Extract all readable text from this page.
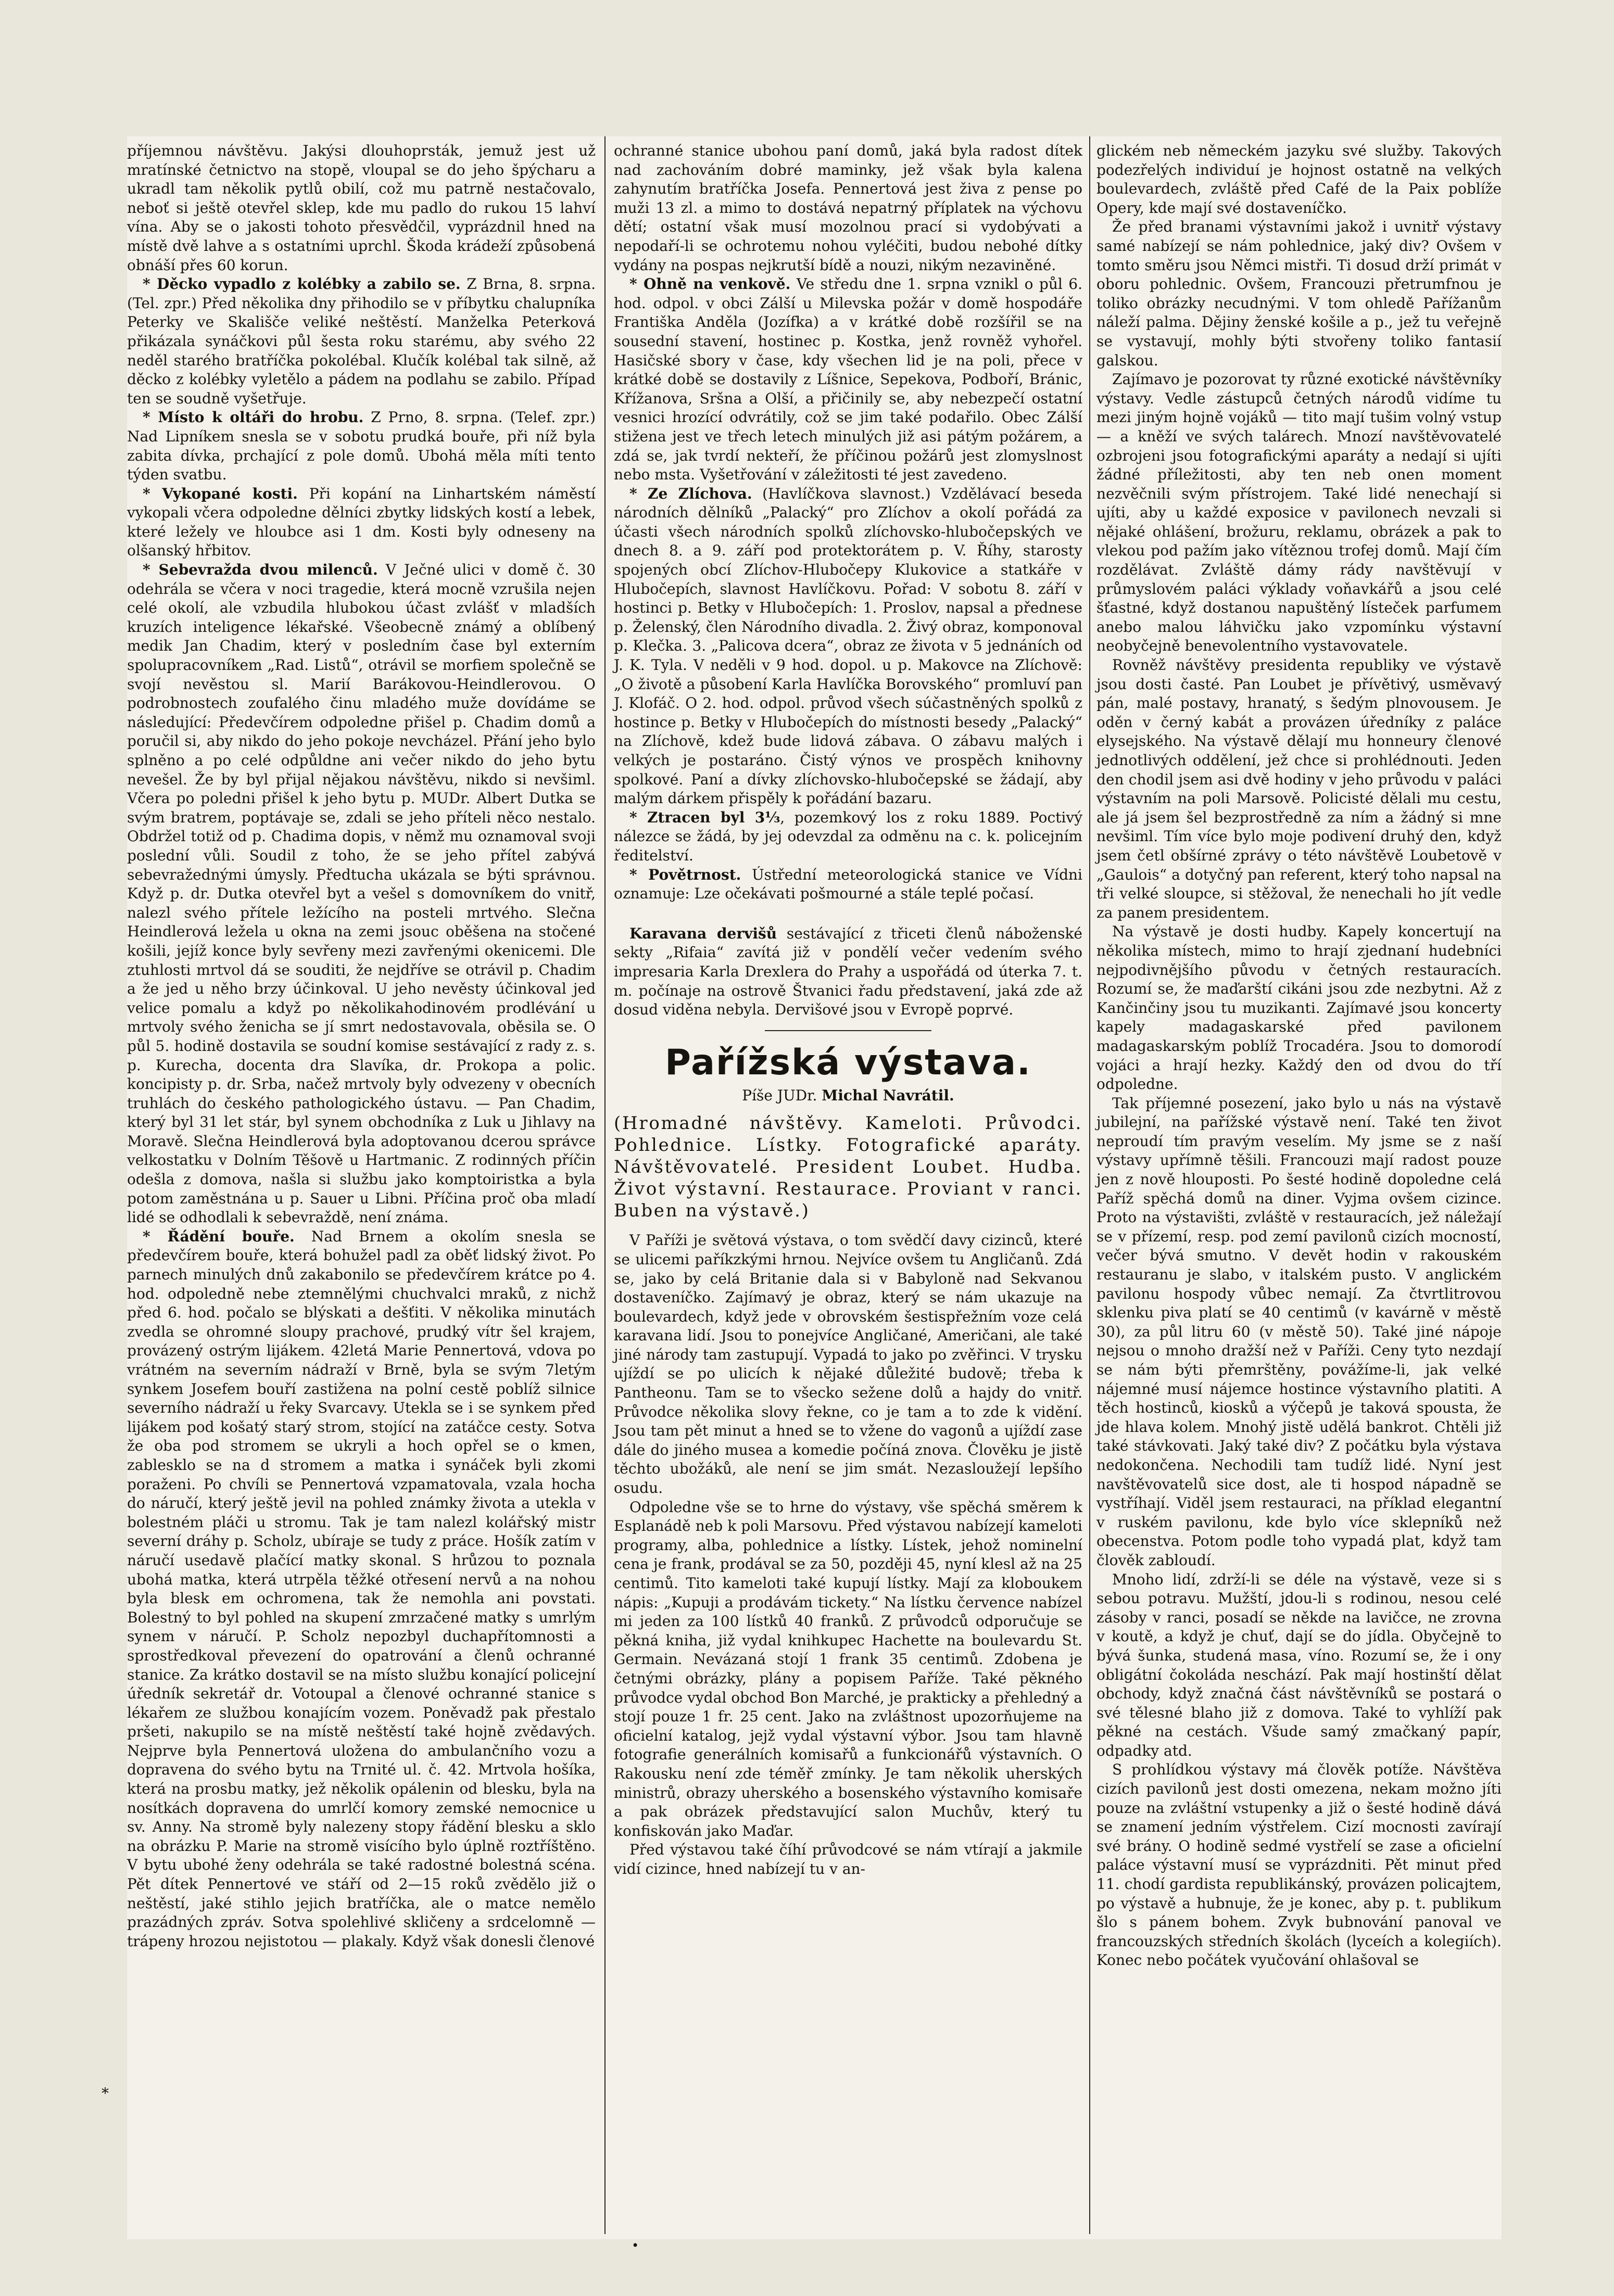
příjemnou návštěvu. Jakýsi dlouhoprsták, jemuž jest už mratínské četnictvo na stopě, vloupal se do jeho špýcharu a ukradl tam několik pytlů obilí, což mu patrně nestačovalo, neboť si ještě otevřel sklep, kde mu padlo do rukou 15 lahví vína. Aby se o jakosti tohoto přesvědčil, vyprázdnil hned na místě dvě lahve a s ostatními uprchl. Škoda krádeží způsobená obnáší přes 60 korun.

* Děcko vypadlo z kolébky a zabilo se. Z Brna, 8. srpna. (Tel. zpr.) Před několika dny přihodilo se v příbytku chalupníka Peterky ve Skališče veliké neštěstí. Manželka Peterková přikázala synáčkovi půl šesta roku starému, aby svého 22 neděl starého bratříčka pokolébal. Klučík kolébal tak silně, až děcko z kolébky vyletělo a pádem na podlahu se zabilo. Případ ten se soudně vyšetřuje.

* Místo k oltáři do hrobu. Z Prno, 8. srpna. (Telef. zpr.) Nad Lipníkem snesla se v sobotu prudká bouře, při níž byla zabita dívka, prchající z pole domů. Ubohá měla míti tento týden svatbu.

* Vykopané kosti. Při kopání na Linhartském náměstí vykopali včera odpoledne dělníci zbytky lidských kostí a lebek, které ležely ve hloubce asi 1 dm. Kosti byly odneseny na olšanský hřbitov.

* Sebevražda dvou milenců. V Ječné ulici v domě č. 30 odehrála se včera v noci tragedie, která mocně vzrušila nejen celé okolí, ale vzbudila hlubokou účast zvlášť v mladších kruzích inteligence lékařské. Všeobecně známý a oblíbený medik Jan Chadim, který v posledním čase byl externím spolupracovníkem „Rad. Listů“, otrávil se morfiem společně se svojí nevěstou sl. Marií Barákovou-Heindlerovou. O podrobnostech zoufalého činu mladého muže dovídáme se následující: Předevčírem odpoledne přišel p. Chadim domů a poručil si, aby nikdo do jeho pokoje nevcházel. Přání jeho bylo splněno a po celé odpůldne ani večer nikdo do jeho bytu nevešel. Že by byl přijal nějakou návštěvu, nikdo si nevšiml. Včera po poledni přišel k jeho bytu p. MUDr. Albert Dutka se svým bratrem, poptávaje se, zdali se jeho příteli něco nestalo. Obdržel totiž od p. Chadima dopis, v němž mu oznamoval svoji poslední vůli. Soudil z toho, že se jeho přítel zabývá sebevražednými úmysly. Předtucha ukázala se býti správnou. Když p. dr. Dutka otevřel byt a vešel s domovníkem do vnitř, nalezl svého přítele ležícího na posteli mrtvého. Slečna Heindlerová ležela u okna na zemi jsouc oběšena na stočené košili, jejíž konce byly sevřeny mezi zavřenými okenicemi. Dle ztuhlosti mrtvol dá se souditi, že nejdříve se otrávil p. Chadim a že jed u něho brzy účinkoval. U jeho nevěsty účinkoval jed velice pomalu a když po několikahodinovém prodlévání u mrtvoly svého ženicha se jí smrt nedostavovala, oběsila se. O půl 5. hodině dostavila se soudní komise sestávající z rady z. s. p. Kurecha, docenta dra Slavíka, dr. Prokopa a polic. koncipisty p. dr. Srba, načež mrtvoly byly odvezeny v obecních truhlách do českého pathologického ústavu. — Pan Chadim, který byl 31 let stár, byl synem obchodníka z Luk u Jihlavy na Moravě. Slečna Heindlerová byla adoptovanou dcerou správce velkostatku v Dolním Těšově u Hartmanic. Z rodinných příčin odešla z domova, našla si službu jako komptoiristka a byla potom zaměstnána u p. Sauer u Libni. Příčina proč oba mladí lidé se odhodlali k sebevraždě, není známa.

* Řádění bouře. Nad Brnem a okolím snesla se předevčírem bouře, která bohužel padl za oběť lidský život. Po parnech minulých dnů zakabonilo se předevčírem krátce po 4. hod. odpoledně nebe ztemnělými chuchvalci mraků, z nichž před 6. hod. počalo se blýskati a dešťiti. V několika minutách zvedla se ohromné sloupy prachové, prudký vítr šel krajem, provázený ostrým lijákem. 42letá Marie Pennertová, vdova po vrátném na severním nádraží v Brně, byla se svým 7letým synkem Josefem bouří zastižena na polní cestě poblíž silnice severního nádraží u řeky Svarcavy. Utekla se i se synkem před lijákem pod košatý starý strom, stojící na zatáčce cesty. Sotva že oba pod stromem se ukryli a hoch opřel se o kmen, zablesklo se na d stromem a matka i synáček byli zkomi poraženi. Po chvíli se Pennertová vzpamatovala, vzala hocha do náručí, který ještě jevil na pohled známky života a utekla v bolestném pláči u stromu. Tak je tam nalezl kolářský mistr severní dráhy p. Scholz, ubíraje se tudy z práce. Hošík zatím v náručí usedavě plačící matky skonal. S hrůzou to poznala ubohá matka, která utrpěla těžké otřesení nervů a na nohou byla blesk em ochromena, tak že nemohla ani povstati. Bolestný to byl pohled na skupení zmrzačené matky s umrlým synem v náručí. P. Scholz nepozbyl duchapřítomnosti a sprostředkoval převezení do opatrování a členů ochranné stanice. Za krátko dostavil se na místo službu konající policejní úředník sekretář dr. Votoupal a členové ochranné stanice s lékařem ze službou konajícím vozem. Poněvadž pak přestalo pršeti, nakupilo se na místě neštěstí také hojně zvědavých. Nejprve byla Pennertová uložena do ambulančního vozu a dopravena do svého bytu na Trnité ul. č. 42. Mrtvola hošíka, která na prosbu matky, jež několik opálenin od blesku, byla na nosítkách dopravena do umrlčí komory zemské nemocnice u sv. Anny. Na stromě byly nalezeny stopy řádění blesku a sklo na obrázku P. Marie na stromě visícího bylo úplně roztříštěno. V bytu ubohé ženy odehrála se také radostné bolestná scéna. Pět dítek Pennertové ve stáří od 2—15 roků zvědělo již o neštěstí, jaké stihlo jejich bratříčka, ale o matce nemělo prazádných zpráv. Sotva spolehlivé skličeny a srdcelomně — trápeny hrozou nejistotou — plakaly. Když však donesli členové

ochranné stanice ubohou paní domů, jaká byla radost dítek nad zachováním dobré maminky, jež však byla kalena zahynutím bratříčka Josefa. Pennertová jest živa z pense po muži 13 zl. a mimo to dostává nepatrný příplatek na výchovu dětí; ostatní však musí mozolnou prací si vydobývati a nepodaří-li se ochrotemu nohou vyléčiti, budou nebohé dítky vydány na pospas nejkrutší bídě a nouzi, nikým nezaviněné.

* Ohně na venkově. Ve středu dne 1. srpna vznikl o půl 6. hod. odpol. v obci Zálší u Milevska požár v domě hospodáře Františka Anděla (Jozífka) a v krátké době rozšířil se na sousední stavení, hostinec p. Kostka, jenž rovněž vyhořel. Hasičské sbory v čase, kdy všechen lid je na poli, přece v krátké době se dostavily z Líšnice, Sepekova, Podboří, Bránic, Křížanova, Sršna a Olší, a přičinily se, aby nebezpečí ostatní vesnici hrozící odvrátily, což se jim také podařilo. Obec Zálší stižena jest ve třech letech minulých již asi pátým požárem, a zdá se, jak tvrdí nekteří, že příčinou požárů jest zlomyslnost nebo msta. Vyšetřování v záležitosti té jest zavedeno.

* Ze Zlíchova. (Havlíčkova slavnost.) Vzdělávací beseda národních dělníků „Palacký“ pro Zlíchov a okolí pořádá za účasti všech národních spolků zlíchovsko-hlubočepských ve dnech 8. a 9. září pod protektorátem p. V. Říhy, starosty spojených obcí Zlíchov-Hlubočepy Klukovice a statkáře v Hlubočepích, slavnost Havlíčkovu. Pořad: V sobotu 8. září v hostinci p. Betky v Hlubočepích: 1. Proslov, napsal a přednese p. Želenský, člen Národního divadla. 2. Živý obraz, komponoval p. Klečka. 3. „Palicova dcera“, obraz ze života v 5 jednáních od J. K. Tyla. V neděli v 9 hod. dopol. u p. Makovce na Zlíchově: „O životě a působení Karla Havlíčka Borovského“ promluví pan J. Klofáč. O 2. hod. odpol. průvod všech súčastněných spolků z hostince p. Betky v Hlubočepích do místnosti besedy „Palacký“ na Zlíchově, kdež bude lidová zábava. O zábavu malých i velkých je postaráno. Čistý výnos ve prospěch knihovny spolkové. Paní a dívky zlíchovsko-hlubočepské se žádají, aby malým dárkem přispěly k pořádání bazaru.

* Ztracen byl 3⅓, pozemkový los z roku 1889. Poctivý nálezce se žádá, by jej odevzdal za odměnu na c. k. policejním ředitelství.

* Povětrnost. Ústřední meteorologická stanice ve Vídni oznamuje: Lze očekávati pošmourné a stále teplé počasí.

Karavana dervišů sestávající z třiceti členů náboženské sekty „Rifaia“ zavítá již v pondělí večer vedením svého impresaria Karla Drexlera do Prahy a uspořádá od úterka 7. t. m. počínaje na ostrově Štvanici řadu představení, jaká zde až dosud viděna nebyla. Dervišové jsou v Evropě poprvé.

Pařížská výstava.
Píše JUDr. Michal Navrátil.

(Hromadné návštěvy. Kameloti. Průvodci. Pohlednice. Lístky. Fotografické aparáty. Návštěvovatelé. President Loubet. Hudba. Život výstavní. Restaurace. Proviant v ranci. Buben na výstavě.)

V Paříži je světová výstava, o tom svědčí davy cizinců, které se ulicemi paříkzkými hrnou. Nejvíce ovšem tu Angličanů. Zdá se, jako by celá Britanie dala si v Babyloně nad Sekvanou dostaveníčko. Zajímavý je obraz, který se nám ukazuje na boulevardech, když jede v obrovském šestispřežním voze celá karavana lidí. Jsou to ponejvíce Angličané, Američani, ale také jiné národy tam zastupují. Vypadá to jako po zvěřinci. V trysku ujíždí se po ulicích k nějaké důležité budově; třeba k Pantheonu. Tam se to všecko sežene dolů a hajdy do vnitř. Průvodce několika slovy řekne, co je tam a to zde k vidění. Jsou tam pět minut a hned se to vžene do vagonů a ujíždí zase dále do jiného musea a komedie počíná znova. Člověku je jistě těchto ubožáků, ale není se jim smát. Nezasloužejí lepšího osudu.

Odpoledne vše se to hrne do výstavy, vše spěchá směrem k Esplanádě neb k poli Marsovu. Před výstavou nabízejí kameloti programy, alba, pohlednice a lístky. Lístek, jehož nominelní cena je frank, prodával se za 50, později 45, nyní klesl až na 25 centimů. Tito kameloti také kupují lístky. Mají za kloboukem nápis: „Kupuji a prodávám tickety.“ Na lístku července nabízel mi jeden za 100 lístků 40 franků. Z průvodců odporučuje se pěkná kniha, již vydal knihkupec Hachette na boulevardu St. Germain. Nevázaná stojí 1 frank 35 centimů. Zdobena je četnými obrázky, plány a popisem Paříže. Také pěkného průvodce vydal obchod Bon Marché, je prakticky a přehledný a stojí pouze 1 fr. 25 cent. Jako na zvláštnost upozorňujeme na oficielní katalog, jejž vydal výstavní výbor. Jsou tam hlavně fotografie generálních komisařů a funkcionářů výstavních. O Rakousku není zde téměř zmínky. Je tam několik uherských ministrů, obrazy uherského a bosenského výstavního komisaře a pak obrázek představující salon Muchův, který tu konfiskován jako Maďar.

Před výstavou také číhí průvodcové se nám vtírají a jakmile vidí cizince, hned nabízejí tu v an-

glickém neb německém jazyku své služby. Takových podezřelých individuí je hojnost ostatně na velkých boulevardech, zvláště před Café de la Paix poblíže Opery, kde mají své dostaveníčko.

Že před branami výstavními jakož i uvnitř výstavy samé nabízejí se nám pohlednice, jaký div? Ovšem v tomto směru jsou Němci mistři. Ti dosud drží primát v oboru pohlednic. Ovšem, Francouzi přetrumfnou je toliko obrázky necudnými. V tom ohledě Pařížanům náleží palma. Dějiny ženské košile a p., jež tu veřejně se vystavují, mohly býti stvořeny toliko fantasií galskou.

Zajímavo je pozorovat ty různé exotické návštěvníky výstavy. Vedle zástupců četných národů vidíme tu mezi jiným hojně vojáků — tito mají tušim volný vstup — a kněží ve svých talárech. Mnozí navštěvovatelé ozbrojeni jsou fotografickými aparáty a nedají si ujíti žádné příležitosti, aby ten neb onen moment nezvěčnili svým přístrojem. Také lidé nenechají si ujíti, aby u každé exposice v pavilonech nevzali si nějaké ohlášení, brožuru, reklamu, obrázek a pak to vlekou pod pažím jako vítěznou trofej domů. Mají čím rozdělávat. Zvláště dámy rády navštěvují v průmyslovém paláci výklady voňavkářů a jsou celé šťastné, když dostanou napuštěný lísteček parfumem anebo malou láhvičku jako vzpomínku výstavní neobyčejně benevolentního vystavovatele.

Rovněž návštěvy presidenta republiky ve výstavě jsou dosti časté. Pan Loubet je přívětivý, usměvavý pán, malé postavy, hranatý, s šedým plnovousem. Je oděn v černý kabát a provázen úředníky z paláce elysejského. Na výstavě dělají mu honneury členové jednotlivých oddělení, jež chce si prohlédnouti. Jeden den chodil jsem asi dvě hodiny v jeho průvodu v paláci výstavním na poli Marsově. Policisté dělali mu cestu, ale já jsem šel bezprostředně za ním a žádný si mne nevšiml. Tím více bylo moje podivení druhý den, když jsem četl obšírné zprávy o této návštěvě Loubetově v „Gaulois“ a dotyčný pan referent, který toho napsal na tři velké sloupce, si stěžoval, že nenechali ho jít vedle za panem presidentem.

Na výstavě je dosti hudby. Kapely koncertují na několika místech, mimo to hrají zjednaní hudebníci nejpodivnějšího původu v četných restauracích. Rozumí se, že maďarští cikáni jsou zde nezbytni. Až z Kančinčiny jsou tu muzikanti. Zajímavé jsou koncerty kapely madagaskarské před pavilonem madagaskarským poblíž Trocadéra. Jsou to domorodí vojáci a hrají hezky. Každý den od dvou do tří odpoledne.

Tak příjemné posezení, jako bylo u nás na výstavě jubilejní, na pařížské výstavě není. Také ten život neproudí tím pravým veselím. My jsme se z naší výstavy upřímně těšili. Francouzi mají radost pouze jen z nově hlouposti. Po šesté hodině dopoledne celá Paříž spěchá domů na diner. Vyjma ovšem cizince. Proto na výstavišti, zvláště v restauracích, jež náležají se v přízemí, resp. pod zemí pavilonů cizích mocností, večer bývá smutno. V devět hodin v rakouském restauranu je slabo, v italském pusto. V anglickém pavilonu hospody vůbec nemají. Za čtvrtlitrovou sklenku piva platí se 40 centimů (v kavárně v městě 30), za půl litru 60 (v městě 50). Také jiné nápoje nejsou o mnoho dražší než v Paříži. Ceny tyto nezdají se nám býti přemrštěny, povážíme-li, jak velké nájemné musí nájemce hostince výstavního platiti. A těch hostinců, kiosků a výčepů je taková spousta, že jde hlava kolem. Mnohý jistě udělá bankrot. Chtěli již také stávkovati. Jaký také div? Z počátku byla výstava nedokončena. Nechodili tam tudíž lidé. Nyní jest navštěvovatelů sice dost, ale ti hospod nápadně se vystříhají. Viděl jsem restauraci, na příklad elegantní v ruském pavilonu, kde bylo více sklepníků než obecenstva. Potom podle toho vypadá plat, když tam člověk zabloudí.

Mnoho lidí, zdrží-li se déle na výstavě, veze si s sebou potravu. Mužští, jdou-li s rodinou, nesou celé zásoby v ranci, posadí se někde na lavičce, ne zrovna v koutě, a když je chuť, dají se do jídla. Obyčejně to bývá šunka, studená masa, víno. Rozumí se, že i ony obligátní čokoláda neschází. Pak mají hostinští dělat obchody, když značná část návštěvníků se postará o své tělesné blaho již z domova. Také to vyhlíží pak pěkné na cestách. Všude samý zmačkaný papír, odpadky atd.

S prohlídkou výstavy má člověk potíže. Návštěva cizích pavilonů jest dosti omezena, nekam možno jíti pouze na zvláštní vstupenky a již o šesté hodině dává se znamení jedním výstřelem. Cizí mocnosti zavírají své brány. O hodině sedmé vystřelí se zase a oficielní paláce výstavní musí se vyprázdniti. Pět minut před 11. chodí gardista republikánský, provázen policajtem, po výstavě a hubnuje, že je konec, aby p. t. publikum šlo s pánem bohem. Zvyk bubnování panoval ve francouzských středních školách (lyceích a kolegiích). Konec nebo počátek vyučování ohlašoval se

*
•
